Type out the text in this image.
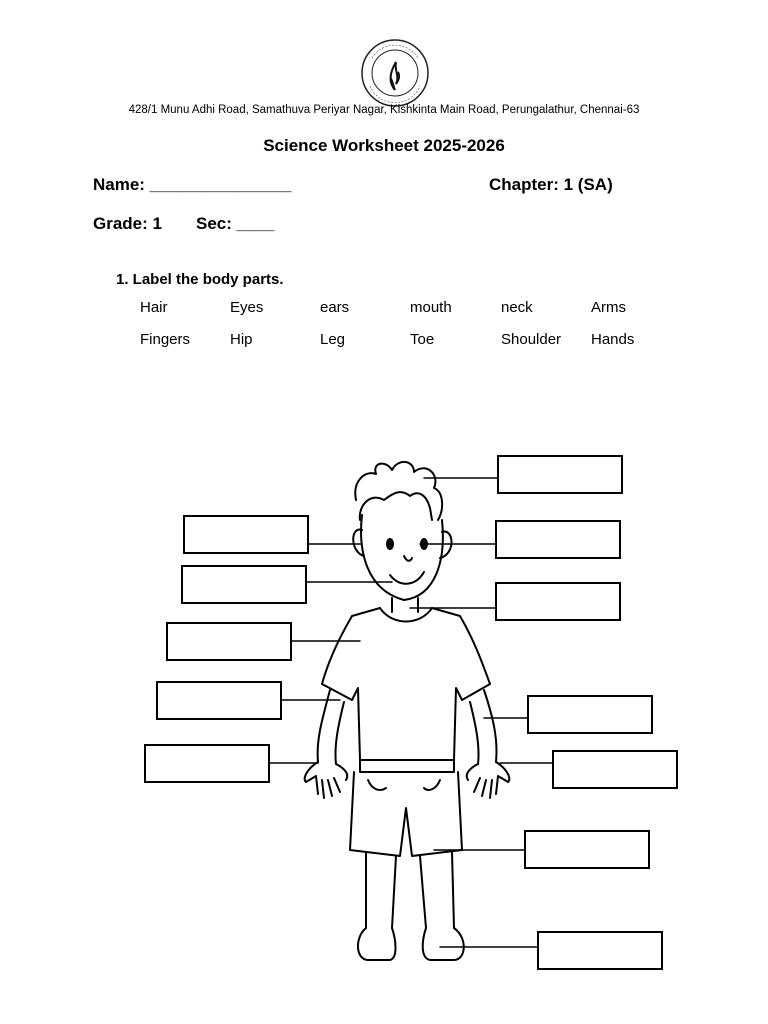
428/1 Munu Adhi Road, Samathuva Periyar Nagar, Kishkinta Main Road, Perungalathur, Chennai-63
Science Worksheet 2025-2026
Name: _______________	Chapter: 1 (SA)
Grade: 1 Sec: ____
1. Label the body parts.
Hair	Eyes	ears	mouth	neck	Arms
Fingers	Hip	Leg	Toe	Shoulder Hands
